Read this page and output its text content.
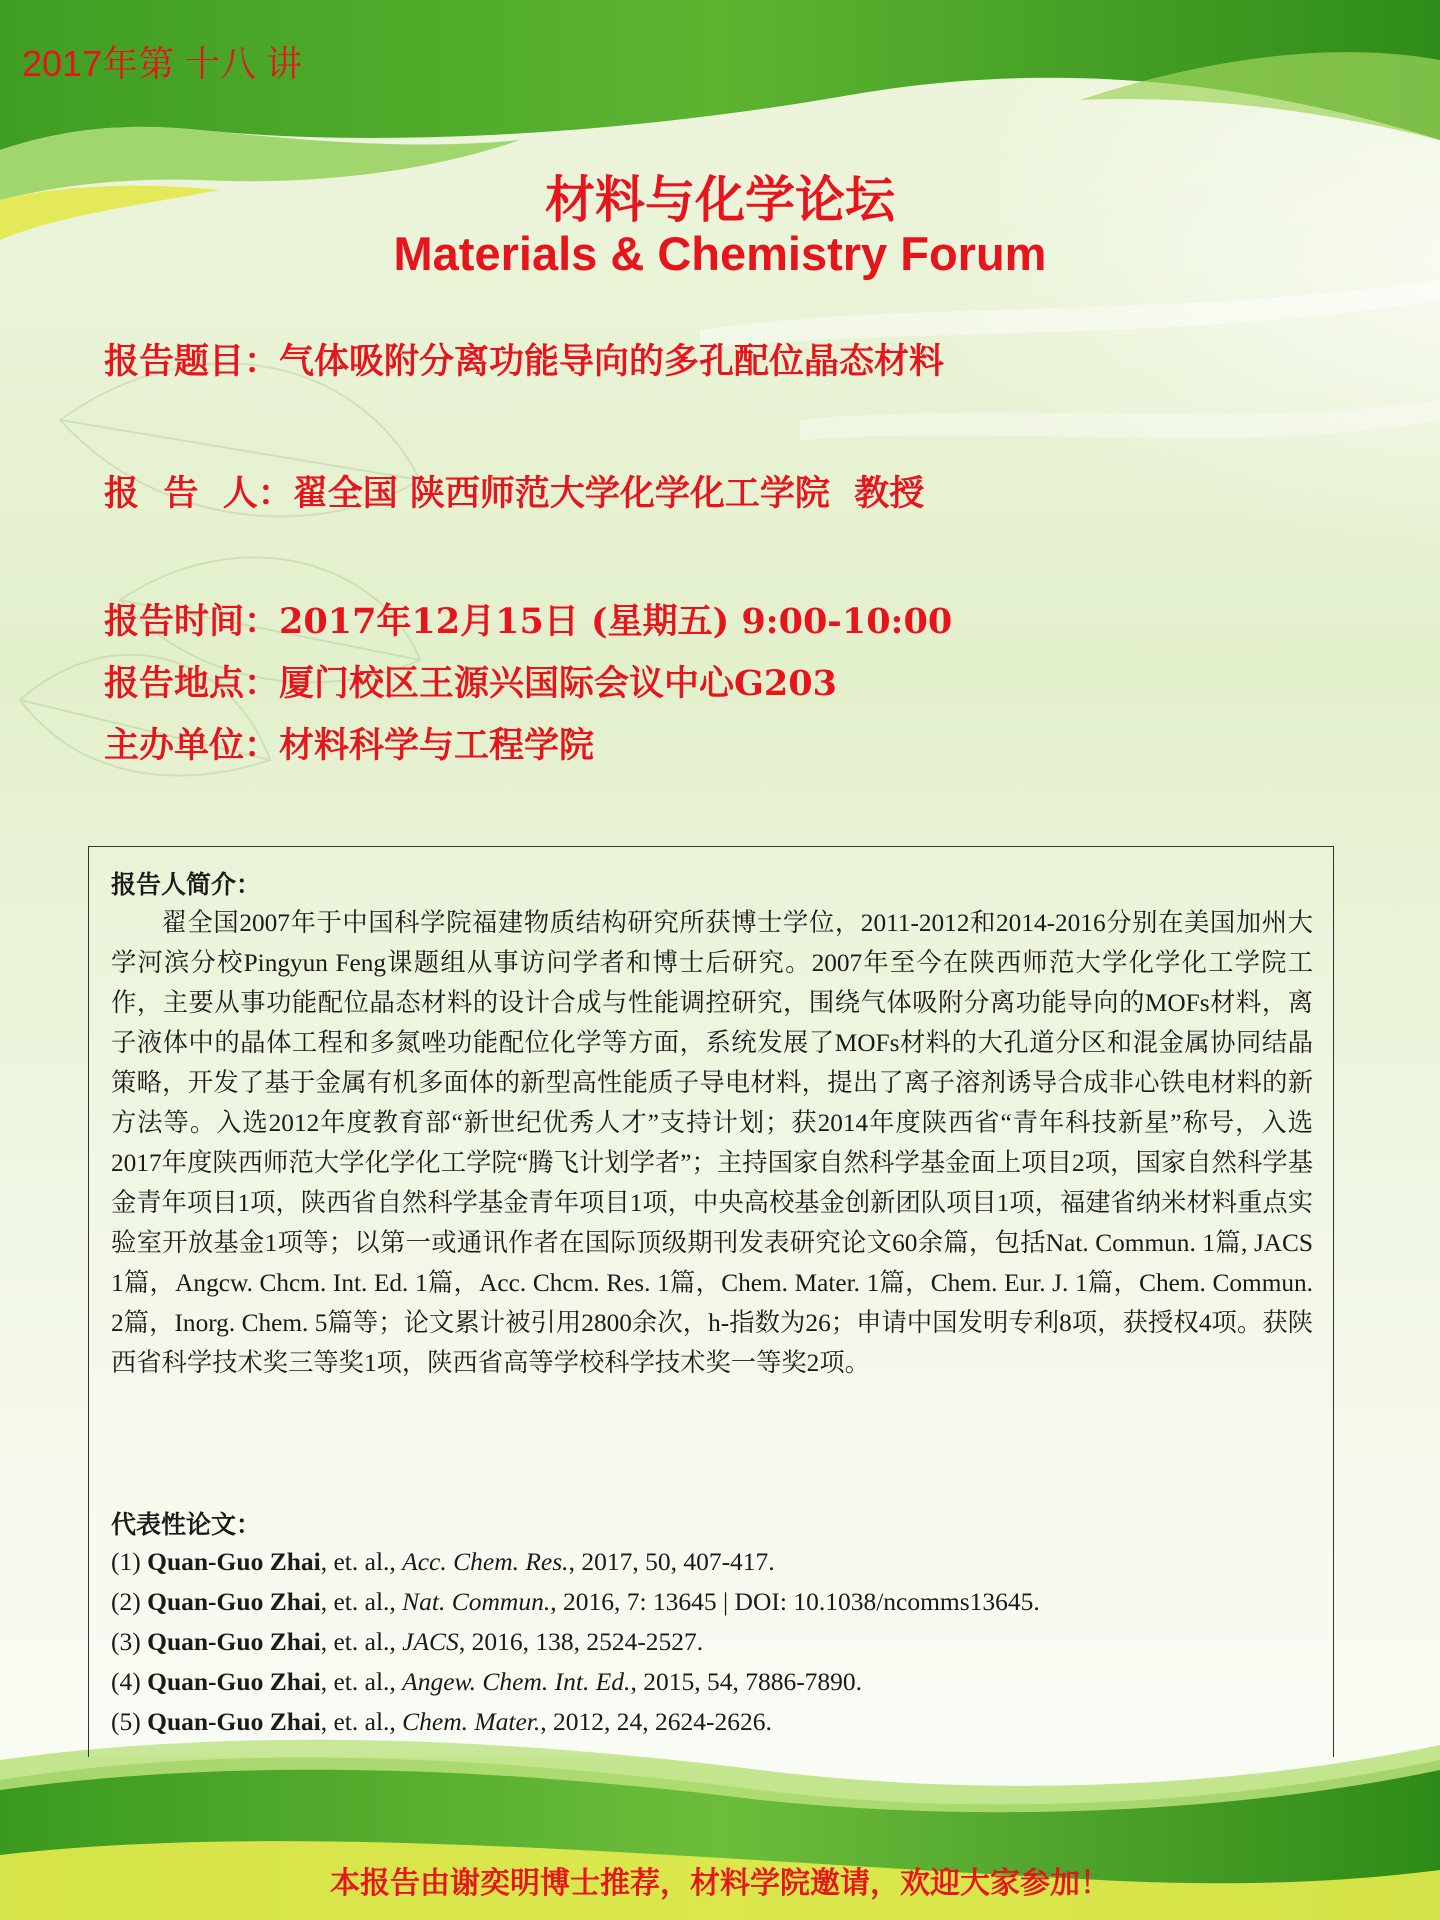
2017年第 十八 讲
材料与化学论坛
Materials & Chemistry Forum
报告题目：气体吸附分离功能导向的多孔配位晶态材料
报  告  人：翟全国 陕西师范大学化学化工学院  教授
报告时间：2017年12月15日 (星期五) 9:00-10:00
报告地点：厦门校区王源兴国际会议中心G203
主办单位：材料科学与工程学院
报告人简介：
翟全国2007年于中国科学院福建物质结构研究所获博士学位，2011-2012和2014-2016分别在美国加州大学河滨分校Pingyun Feng课题组从事访问学者和博士后研究。2007年至今在陕西师范大学化学化工学院工作，主要从事功能配位晶态材料的设计合成与性能调控研究，围绕气体吸附分离功能导向的MOFs材料，离子液体中的晶体工程和多氮唑功能配位化学等方面，系统发展了MOFs材料的大孔道分区和混金属协同结晶策略，开发了基于金属有机多面体的新型高性能质子导电材料，提出了离子溶剂诱导合成非心铁电材料的新方法等。入选2012年度教育部“新世纪优秀人才”支持计划；获2014年度陕西省“青年科技新星”称号，入选2017年度陕西师范大学化学化工学院“腾飞计划学者”；主持国家自然科学基金面上项目2项，国家自然科学基金青年项目1项，陕西省自然科学基金青年项目1项，中央高校基金创新团队项目1项，福建省纳米材料重点实验室开放基金1项等；以第一或通讯作者在国际顶级期刊发表研究论文60余篇，包括Nat. Commun. 1篇, JACS 1篇，Angcw. Chcm. Int. Ed. 1篇，Acc. Chcm. Res. 1篇，Chem. Mater. 1篇，Chem. Eur. J. 1篇，Chem. Commun. 2篇，Inorg. Chem. 5篇等；论文累计被引用2800余次，h-指数为26；申请中国发明专利8项，获授权4项。获陕西省科学技术奖三等奖1项，陕西省高等学校科学技术奖一等奖2项。
代表性论文：
(1) Quan-Guo Zhai, et. al., Acc. Chem. Res., 2017, 50, 407-417.
(2) Quan-Guo Zhai, et. al., Nat. Commun., 2016, 7: 13645 | DOI: 10.1038/ncomms13645.
(3) Quan-Guo Zhai, et. al., JACS, 2016, 138, 2524-2527.
(4) Quan-Guo Zhai, et. al., Angew. Chem. Int. Ed., 2015, 54, 7886-7890.
(5) Quan-Guo Zhai, et. al., Chem. Mater., 2012, 24, 2624-2626.
本报告由谢奕明博士推荐，材料学院邀请，欢迎大家参加！
